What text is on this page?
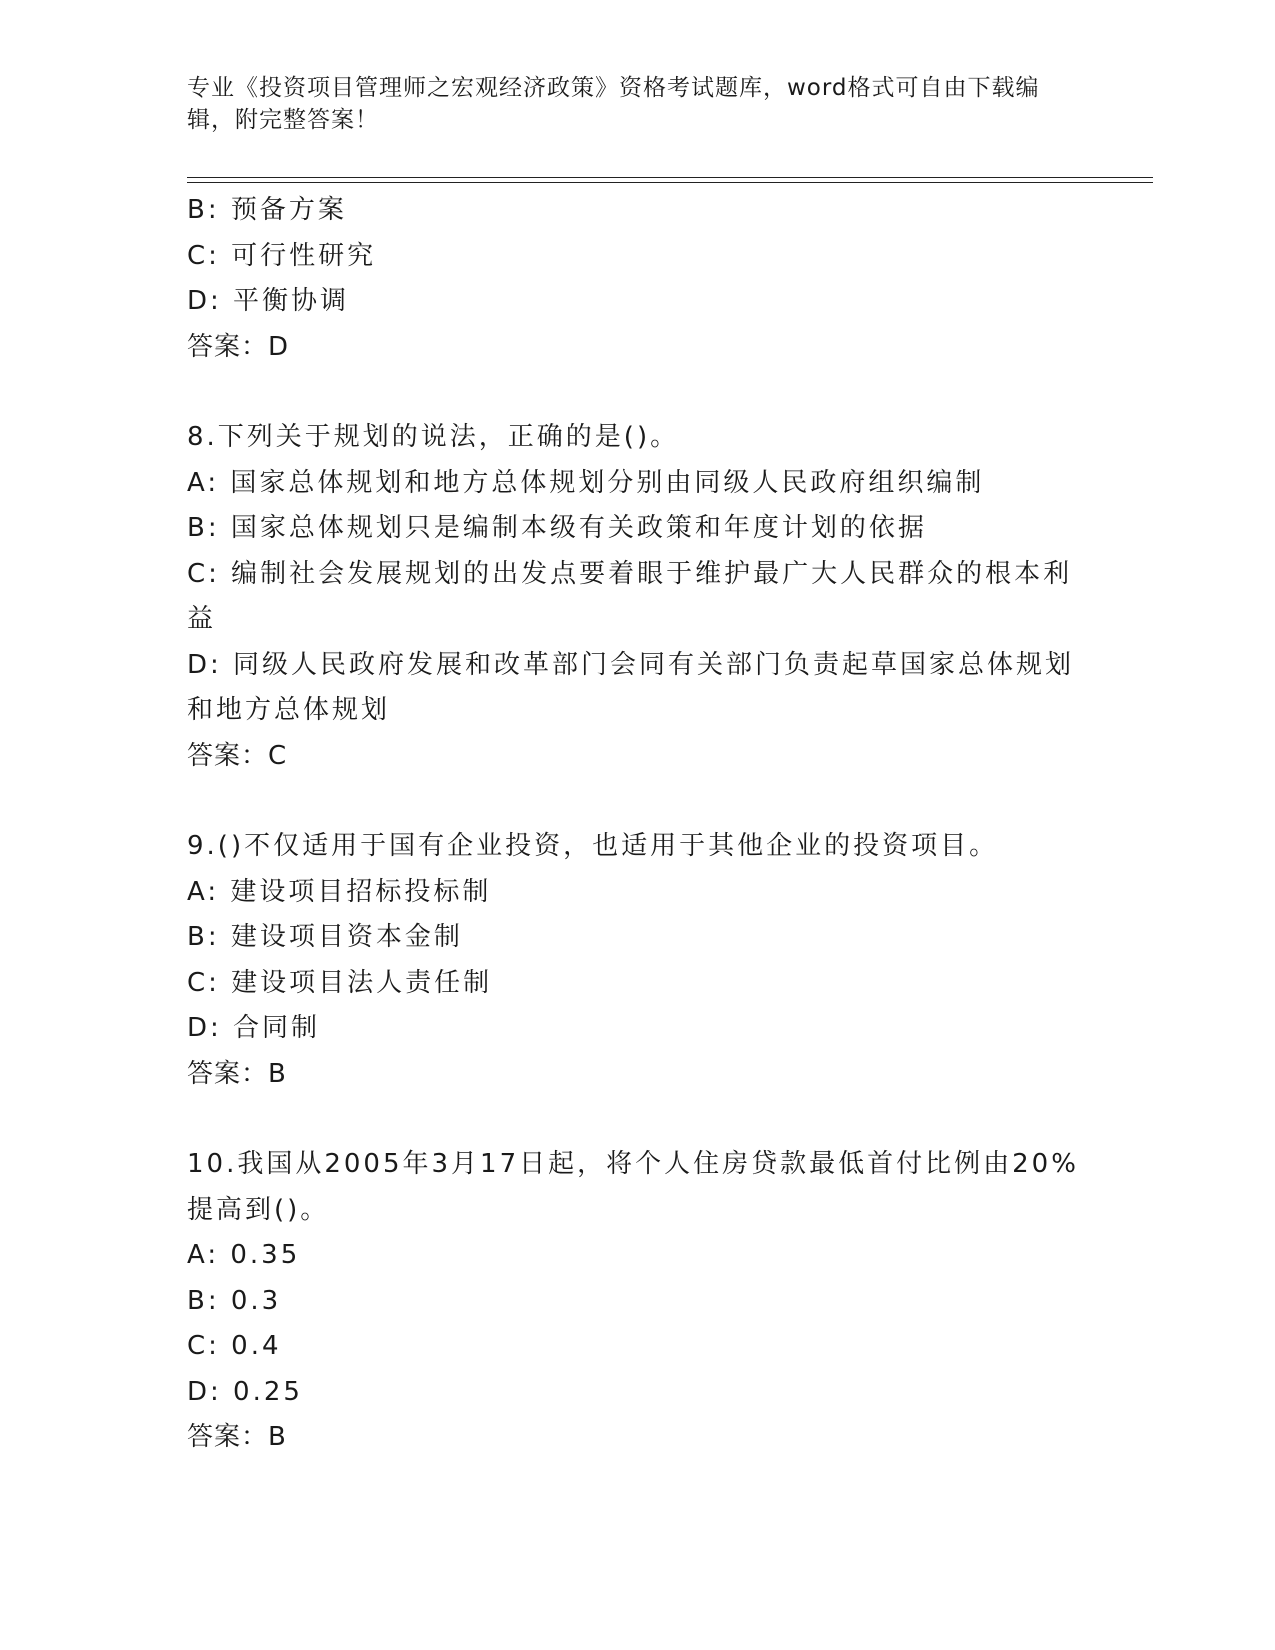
专业《投资项目管理师之宏观经济政策》资格考试题库，word格式可自由下载编
辑，附完整答案！
B: 预备方案
C: 可行性研究
D: 平衡协调
答案：D
8.下列关于规划的说法，正确的是()。
A: 国家总体规划和地方总体规划分别由同级人民政府组织编制
B: 国家总体规划只是编制本级有关政策和年度计划的依据
C: 编制社会发展规划的出发点要着眼于维护最广大人民群众的根本利
益
D: 同级人民政府发展和改革部门会同有关部门负责起草国家总体规划
和地方总体规划
答案：C
9.()不仅适用于国有企业投资，也适用于其他企业的投资项目。
A: 建设项目招标投标制
B: 建设项目资本金制
C: 建设项目法人责任制
D: 合同制
答案：B
10.我国从2005年3月17日起，将个人住房贷款最低首付比例由20%
提高到()。
A: 0.35
B: 0.3
C: 0.4
D: 0.25
答案：B
